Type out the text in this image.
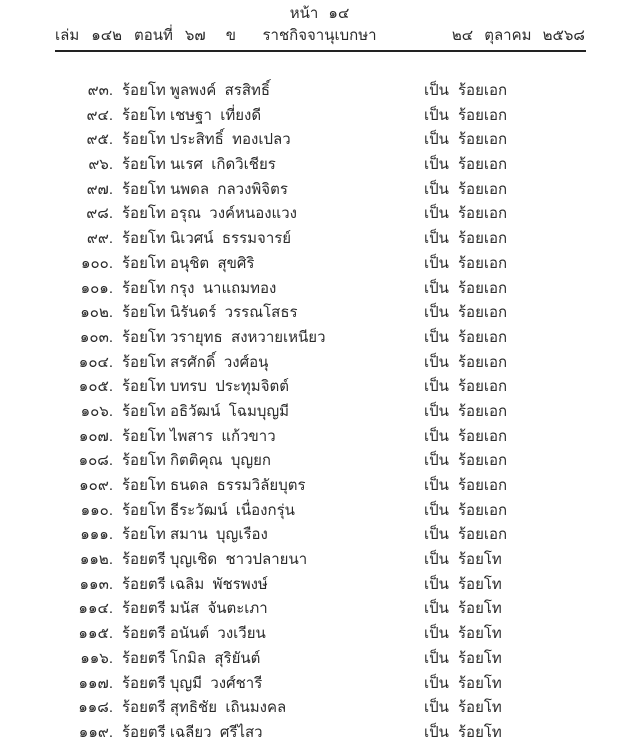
หน้า ๑๔
เล่ม ๑๔๒ ตอนที่ ๖๗ ข	ราชกิจจานุเบกษา	๒๔ ตุลาคม ๒๕๖๘
๙๓. ร้อยโท พูลพงค์  สรสิทธิ์	เป็น ร้อยเอก
๙๔. ร้อยโท เชษฐา  เที่ยงดี	เป็น ร้อยเอก
๙๕. ร้อยโท ประสิทธิ์  ทองเปลว	เป็น ร้อยเอก
๙๖. ร้อยโท นเรศ  เกิดวิเชียร	เป็น ร้อยเอก
๙๗. ร้อยโท นพดล  กลวงพิจิตร	เป็น ร้อยเอก
๙๘. ร้อยโท อรุณ  วงค์หนองแวง	เป็น ร้อยเอก
๙๙. ร้อยโท นิเวศน์  ธรรมจารย์	เป็น ร้อยเอก
๑๐๐. ร้อยโท อนุชิต  สุขศิริ	เป็น ร้อยเอก
๑๐๑. ร้อยโท กรุง  นาแถมทอง	เป็น ร้อยเอก
๑๐๒. ร้อยโท นิรันดร์  วรรณโสธร	เป็น ร้อยเอก
๑๐๓. ร้อยโท วรายุทธ  สงหวายเหนียว	เป็น ร้อยเอก
๑๐๔. ร้อยโท สรศักดิ์  วงศ์อนุ	เป็น ร้อยเอก
๑๐๕. ร้อยโท บทรบ  ประทุมจิตต์	เป็น ร้อยเอก
๑๐๖. ร้อยโท อธิวัฒน์  โฉมบุญมี	เป็น ร้อยเอก
๑๐๗. ร้อยโท ไพสาร  แก้วขาว	เป็น ร้อยเอก
๑๐๘. ร้อยโท กิตติคุณ  บุญยก	เป็น ร้อยเอก
๑๐๙. ร้อยโท ธนดล  ธรรมวิลัยบุตร	เป็น ร้อยเอก
๑๑๐. ร้อยโท ธีระวัฒน์  เนื่องกรุ่น	เป็น ร้อยเอก
๑๑๑. ร้อยโท สมาน  บุญเรือง	เป็น ร้อยเอก
๑๑๒. ร้อยตรี บุญเชิด  ชาวปลายนา	เป็น ร้อยโท
๑๑๓. ร้อยตรี เฉลิม  พัชรพงษ์	เป็น ร้อยโท
๑๑๔. ร้อยตรี มนัส  จันตะเภา	เป็น ร้อยโท
๑๑๕. ร้อยตรี อนันต์  วงเวียน	เป็น ร้อยโท
๑๑๖. ร้อยตรี โกมิล  สุริยันต์	เป็น ร้อยโท
๑๑๗. ร้อยตรี บุญมี  วงศ์ชารี	เป็น ร้อยโท
๑๑๘. ร้อยตรี สุทธิชัย  เถินมงคล	เป็น ร้อยโท
๑๑๙. ร้อยตรี เฉลียว  ศรีไสว	เป็น ร้อยโท
